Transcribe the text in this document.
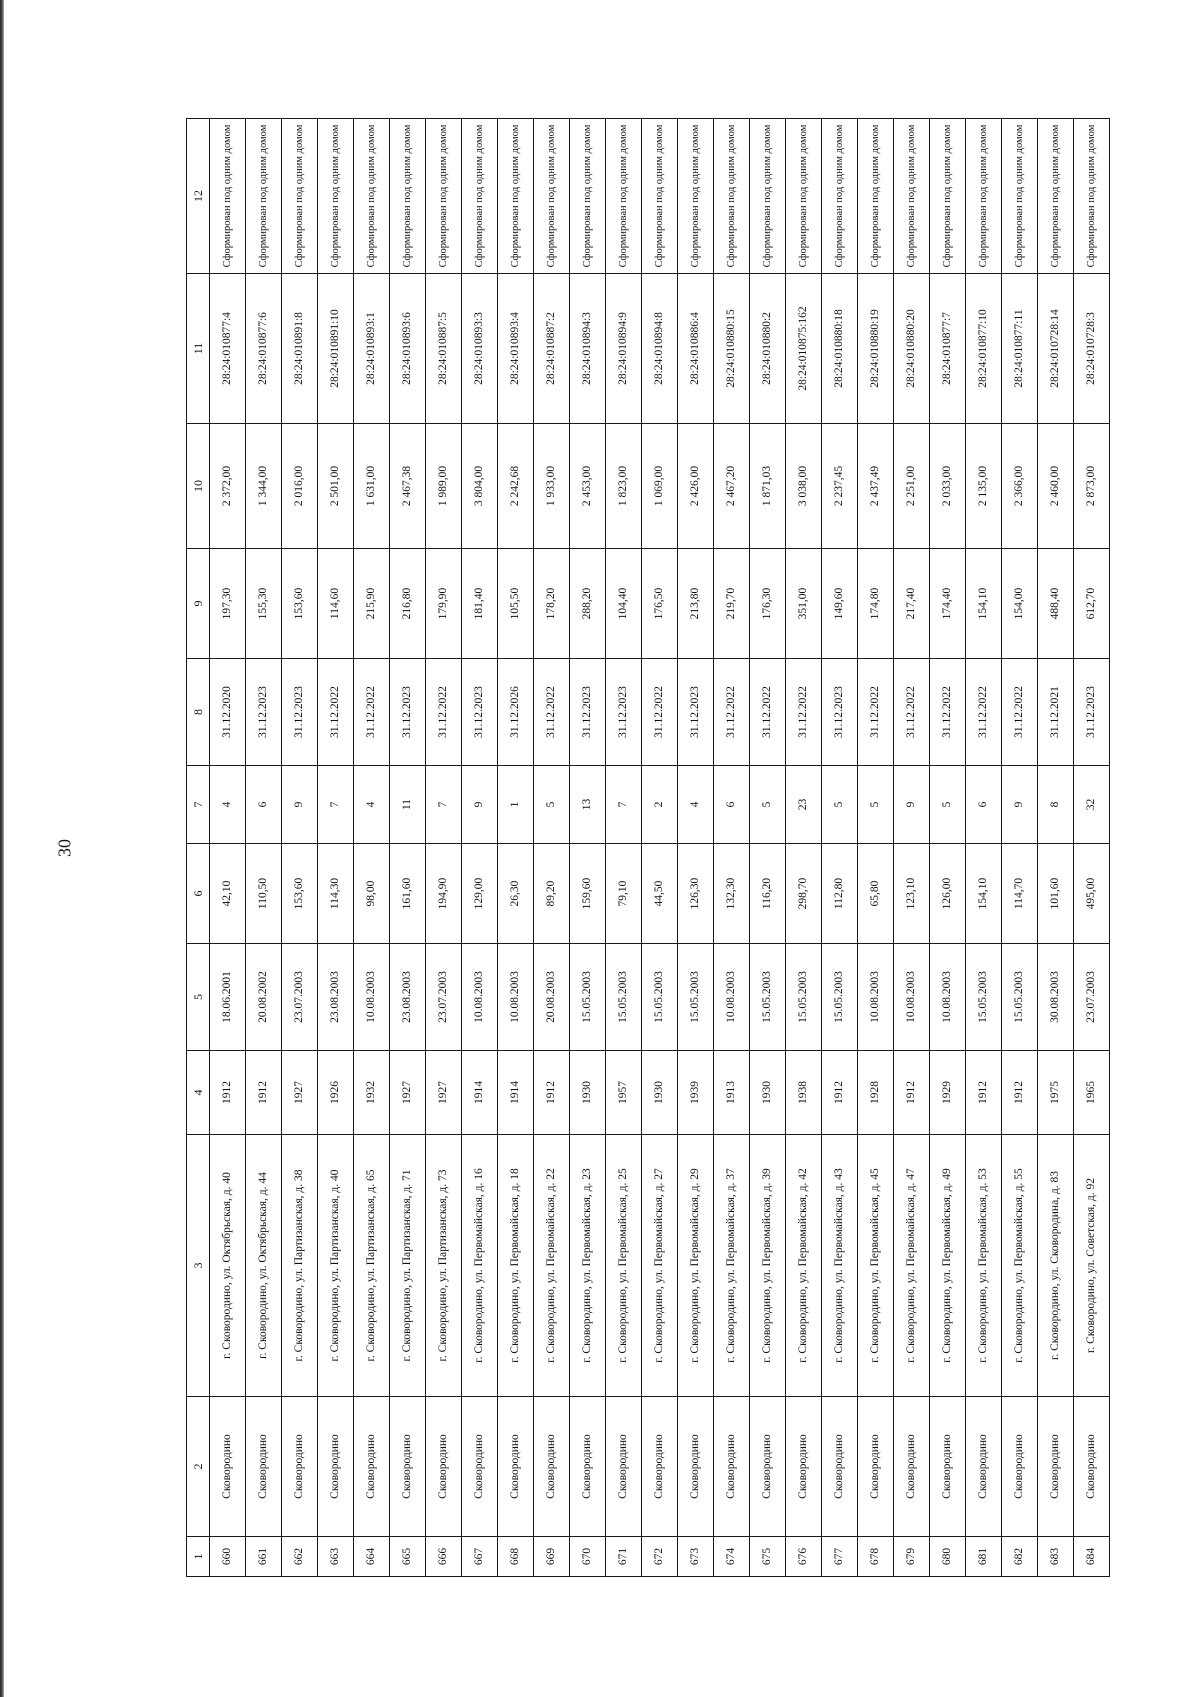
30
1	2	3	4	5	6	7	8	9	10	11	12
660	Сковородино	г. Сковородино, ул. Октябрьская, д. 40	1912	18.06.2001	42,10	4	31.12.2020	197,30	2 372,00	28:24:010877:4	Сформирован под одним домом
661	Сковородино	г. Сковородино, ул. Октябрьская, д. 44	1912	20.08.2002	110,50	6	31.12.2023	155,30	1 344,00	28:24:010877:6	Сформирован под одним домом
662	Сковородино	г. Сковородино, ул. Партизанская, д. 38	1927	23.07.2003	153,60	9	31.12.2023	153,60	2 016,00	28:24:010891:8	Сформирован под одним домом
663	Сковородино	г. Сковородино, ул. Партизанская, д. 40	1926	23.08.2003	114,30	7	31.12.2022	114,60	2 501,00	28:24:010891:10	Сформирован под одним домом
664	Сковородино	г. Сковородино, ул. Партизанская, д. 65	1932	10.08.2003	98,00	4	31.12.2022	215,90	1 631,00	28:24:010893:1	Сформирован под одним домом
665	Сковородино	г. Сковородино, ул. Партизанская, д. 71	1927	23.08.2003	161,60	11	31.12.2023	216,80	2 467,38	28:24:010893:6	Сформирован под одним домом
666	Сковородино	г. Сковородино, ул. Партизанская, д. 73	1927	23.07.2003	194,90	7	31.12.2022	179,90	1 989,00	28:24:010887:5	Сформирован под одним домом
667	Сковородино	г. Сковородино, ул. Первомайская, д. 16	1914	10.08.2003	129,00	9	31.12.2023	181,40	3 804,00	28:24:010893:3	Сформирован под одним домом
668	Сковородино	г. Сковородино, ул. Первомайская, д. 18	1914	10.08.2003	26,30	1	31.12.2026	105,50	2 242,68	28:24:010893:4	Сформирован под одним домом
669	Сковородино	г. Сковородино, ул. Первомайская, д. 22	1912	20.08.2003	89,20	5	31.12.2022	178,20	1 933,00	28:24:010887:2	Сформирован под одним домом
670	Сковородино	г. Сковородино, ул. Первомайская, д. 23	1930	15.05.2003	159,60	13	31.12.2023	288,20	2 453,00	28:24:010894:3	Сформирован под одним домом
671	Сковородино	г. Сковородино, ул. Первомайская, д. 25	1957	15.05.2003	79,10	7	31.12.2023	104,40	1 823,00	28:24:010894:9	Сформирован под одним домом
672	Сковородино	г. Сковородино, ул. Первомайская, д. 27	1930	15.05.2003	44,50	2	31.12.2022	176,50	1 069,00	28:24:010894:8	Сформирован под одним домом
673	Сковородино	г. Сковородино, ул. Первомайская, д. 29	1939	15.05.2003	126,30	4	31.12.2023	213,80	2 426,00	28:24:010886:4	Сформирован под одним домом
674	Сковородино	г. Сковородино, ул. Первомайская, д. 37	1913	10.08.2003	132,30	6	31.12.2022	219,70	2 467,20	28:24:010880:15	Сформирован под одним домом
675	Сковородино	г. Сковородино, ул. Первомайская, д. 39	1930	15.05.2003	116,20	5	31.12.2022	176,30	1 871,03	28:24:010880:2	Сформирован под одним домом
676	Сковородино	г. Сковородино, ул. Первомайская, д. 42	1938	15.05.2003	298,70	23	31.12.2022	351,00	3 038,00	28:24:010875:162	Сформирован под одним домом
677	Сковородино	г. Сковородино, ул. Первомайская, д. 43	1912	15.05.2003	112,80	5	31.12.2023	149,60	2 237,45	28:24:010880:18	Сформирован под одним домом
678	Сковородино	г. Сковородино, ул. Первомайская, д. 45	1928	10.08.2003	65,80	5	31.12.2022	174,80	2 437,49	28:24:010880:19	Сформирован под одним домом
679	Сковородино	г. Сковородино, ул. Первомайская, д. 47	1912	10.08.2003	123,10	9	31.12.2022	217,40	2 251,00	28:24:010880:20	Сформирован под одним домом
680	Сковородино	г. Сковородино, ул. Первомайская, д. 49	1929	10.08.2003	126,00	5	31.12.2022	174,40	2 033,00	28:24:010877:7	Сформирован под одним домом
681	Сковородино	г. Сковородино, ул. Первомайская, д. 53	1912	15.05.2003	154,10	6	31.12.2022	154,10	2 135,00	28:24:010877:10	Сформирован под одним домом
682	Сковородино	г. Сковородино, ул. Первомайская, д. 55	1912	15.05.2003	114,70	9	31.12.2022	154,00	2 366,00	28:24:010877:11	Сформирован под одним домом
683	Сковородино	г. Сковородино, ул. Сковородина, д. 83	1975	30.08.2003	101,60	8	31.12.2021	488,40	2 460,00	28:24:010728:14	Сформирован под одним домом
684	Сковородино	г. Сковородино, ул. Советская, д. 92	1965	23.07.2003	495,00	32	31.12.2023	612,70	2 873,00	28:24:010728:3	Сформирован под одним домом
